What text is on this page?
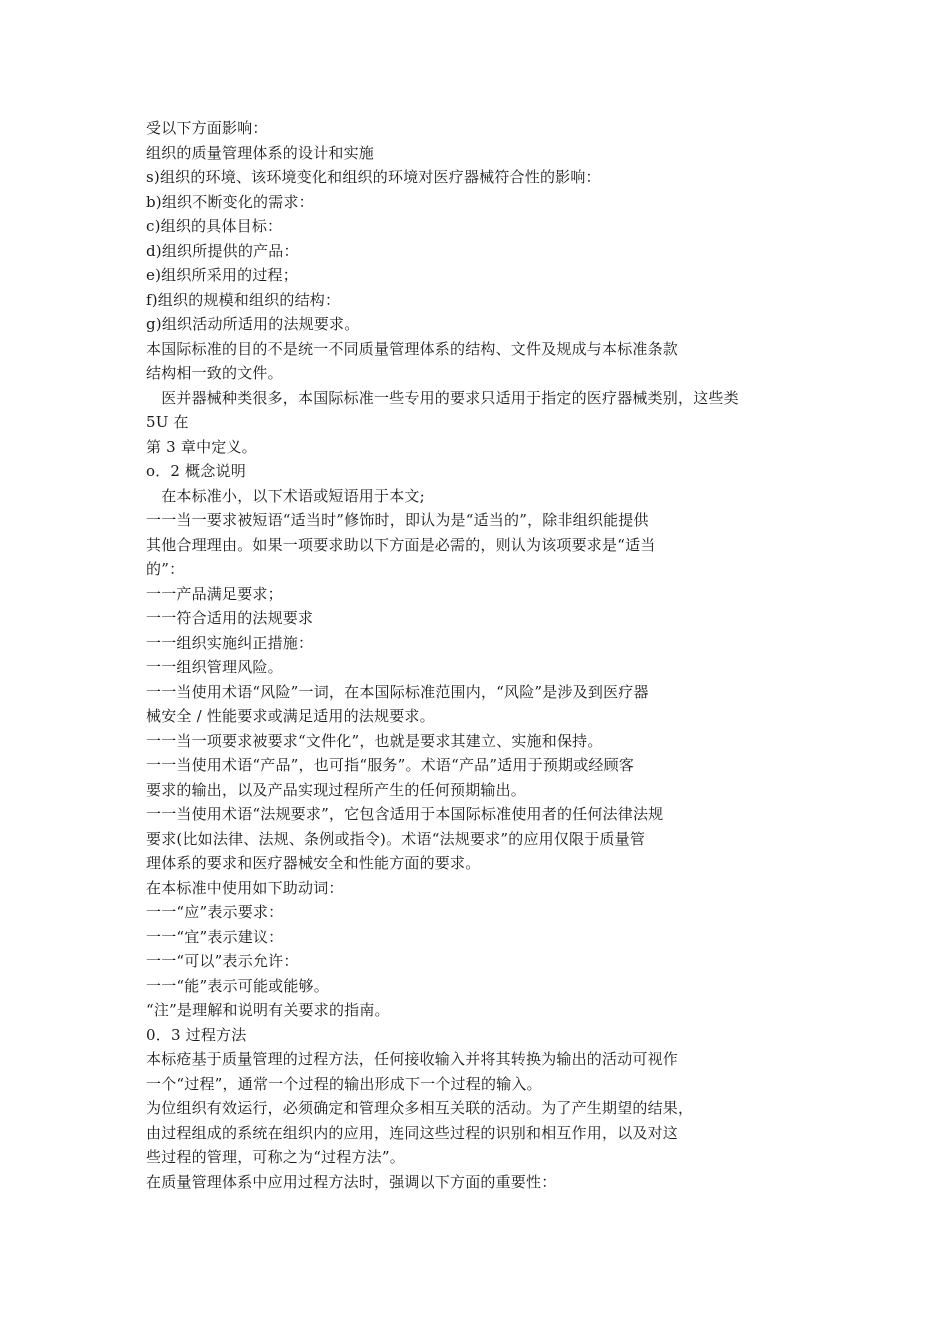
受以下方面影响：
组织的质量管理体系的设计和实施
s)组织的环境、该环境变化和组织的环境对医疗器械符合性的影响：
b)组织不断变化的需求：
c)组织的具体目标：
d)组织所提供的产品：
e)组织所采用的过程；
f)组织的规模和组织的结构：
g)组织活动所适用的法规要求。
本国际标准的目的不是统一不同质量管理体系的结构、文件及规成与本标准条款
结构相一致的文件。
　医并器械种类很多，本国际标准一些专用的要求只适用于指定的医疗器械类别，这些类
5U 在
第 3 章中定义。
o．2 概念说明
　在本标准小，以下术语或短语用于本文;
一一当一要求被短语“适当时”修饰时，即认为是“适当的”，除非组织能提供
其他合理理由。如果一项要求助以下方面是必需的，则认为该项要求是“适当
的”：
一一产品满足要求；
一一符合适用的法规要求
一一组织实施纠正措施：
一一组织管理风险。
一一当使用术语“风险”一词，在本国际标准范围内，“风险”是涉及到医疗器
械安全 / 性能要求或满足适用的法规要求。
一一当一项要求被要求“文件化”，也就是要求其建立、实施和保持。
一一当使用术语“产品”，也可指“服务”。术语“产品”适用于预期或经顾客
要求的输出，以及产品实现过程所产生的任何预期输出。
一一当使用术语“法规要求”，它包含适用于本国际标准使用者的任何法律法规
要求(比如法律、法规、条例或指令)。术语“法规要求”的应用仅限于质量管
理体系的要求和医疗器械安全和性能方面的要求。
在本标准中使用如下助动词：
一一“应”表示要求：
一一“宜”表示建议：
一一“可以”表示允许：
一一“能”表示可能或能够。
“注”是理解和说明有关要求的指南。
0．3 过程方法
本标疮基于质量管理的过程方法，任何接收输入并将其转换为输出的活动可视作
一个“过程”，通常一个过程的输出形成下一个过程的输入。
为位组织有效运行，必须确定和管理众多相互关联的活动。为了产生期望的结果，
由过程组成的系统在组织内的应用，连同这些过程的识别和相互作用，以及对这
些过程的管理，可称之为“过程方法”。
在质量管理体系中应用过程方法时，强调以下方面的重要性：
